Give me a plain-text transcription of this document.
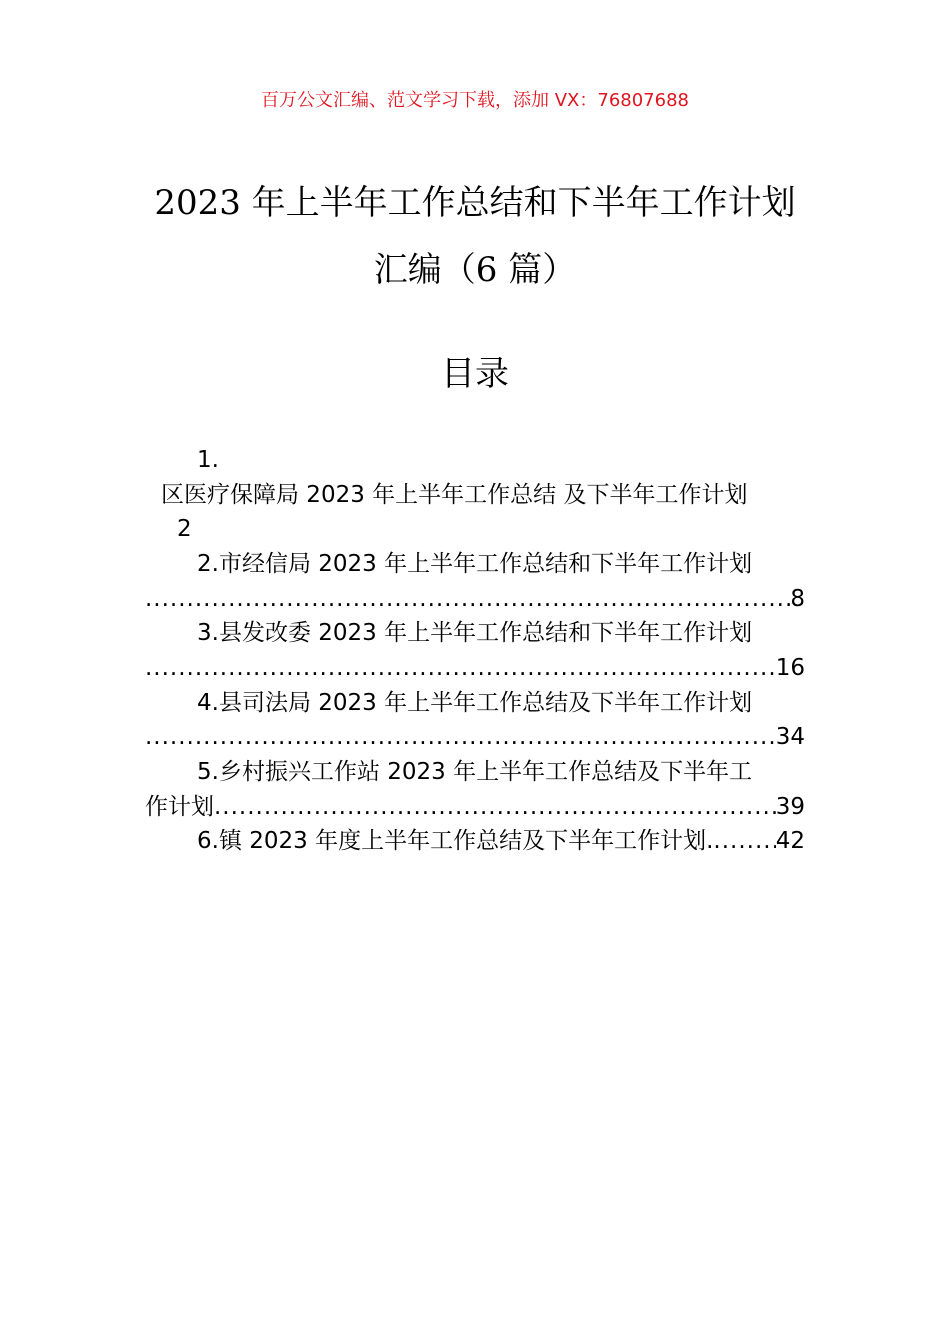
百万公文汇编、范文学习下载，添加 VX：76807688
2023 年上半年工作总结和下半年工作计划
汇编（6 篇）
目录
1.
区医疗保障局 2023 年上半年工作总结 及下半年工作计划
2
2.市经信局 2023 年上半年工作总结和下半年工作计划
.....
8
3.县发改委 2023 年上半年工作总结和下半年工作计划
.....
16
4.县司法局 2023 年上半年工作总结及下半年工作计划
.....
34
5.乡村振兴工作站 2023 年上半年工作总结及下半年工
作计划 .....	39
6.镇 2023 年度上半年工作总结及下半年工作计划. .....	42
